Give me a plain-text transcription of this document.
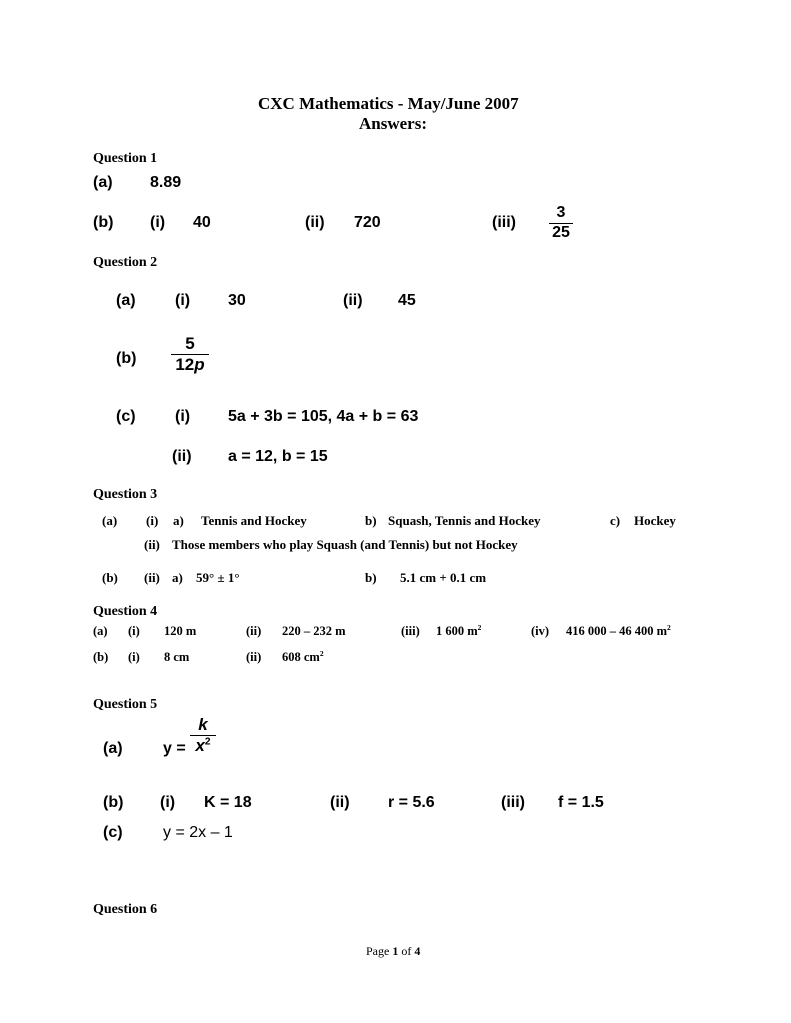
CXC Mathematics - May/June 2007
Answers:
Question 1
(a) 8.89
(b) (i) 40	(ii) 720	(iii)
3
25
Question 2
(a) (i) 30	(ii) 45
(b)
5
12p
(c) (i) 5a + 3b = 105, 4a + b = 63
(ii) a = 12, b = 15
Question 3
(a) (i) a) Tennis and Hockey	b) Squash, Tennis and Hockey	c) Hockey
(ii) Those members who play Squash (and Tennis) but not Hockey
(b) (ii) a) 59° ± 1°	b) 5.1 cm + 0.1 cm
Question 4
(a) (i) 120 m	(ii) 220 – 232 m	(iii) 1 600 $m^2$	(iv) 416 000 – 46 400 $m^2$
(b) (i) 8 cm	(ii) 608 $cm^2$
Question 5
(a)	y =
k
$x^2$
(b) (i) K = 18	(ii) r = 5.6	(iii) f = 1.5
(c)	y = 2x – 1
Question 6
Page 1 of 4
